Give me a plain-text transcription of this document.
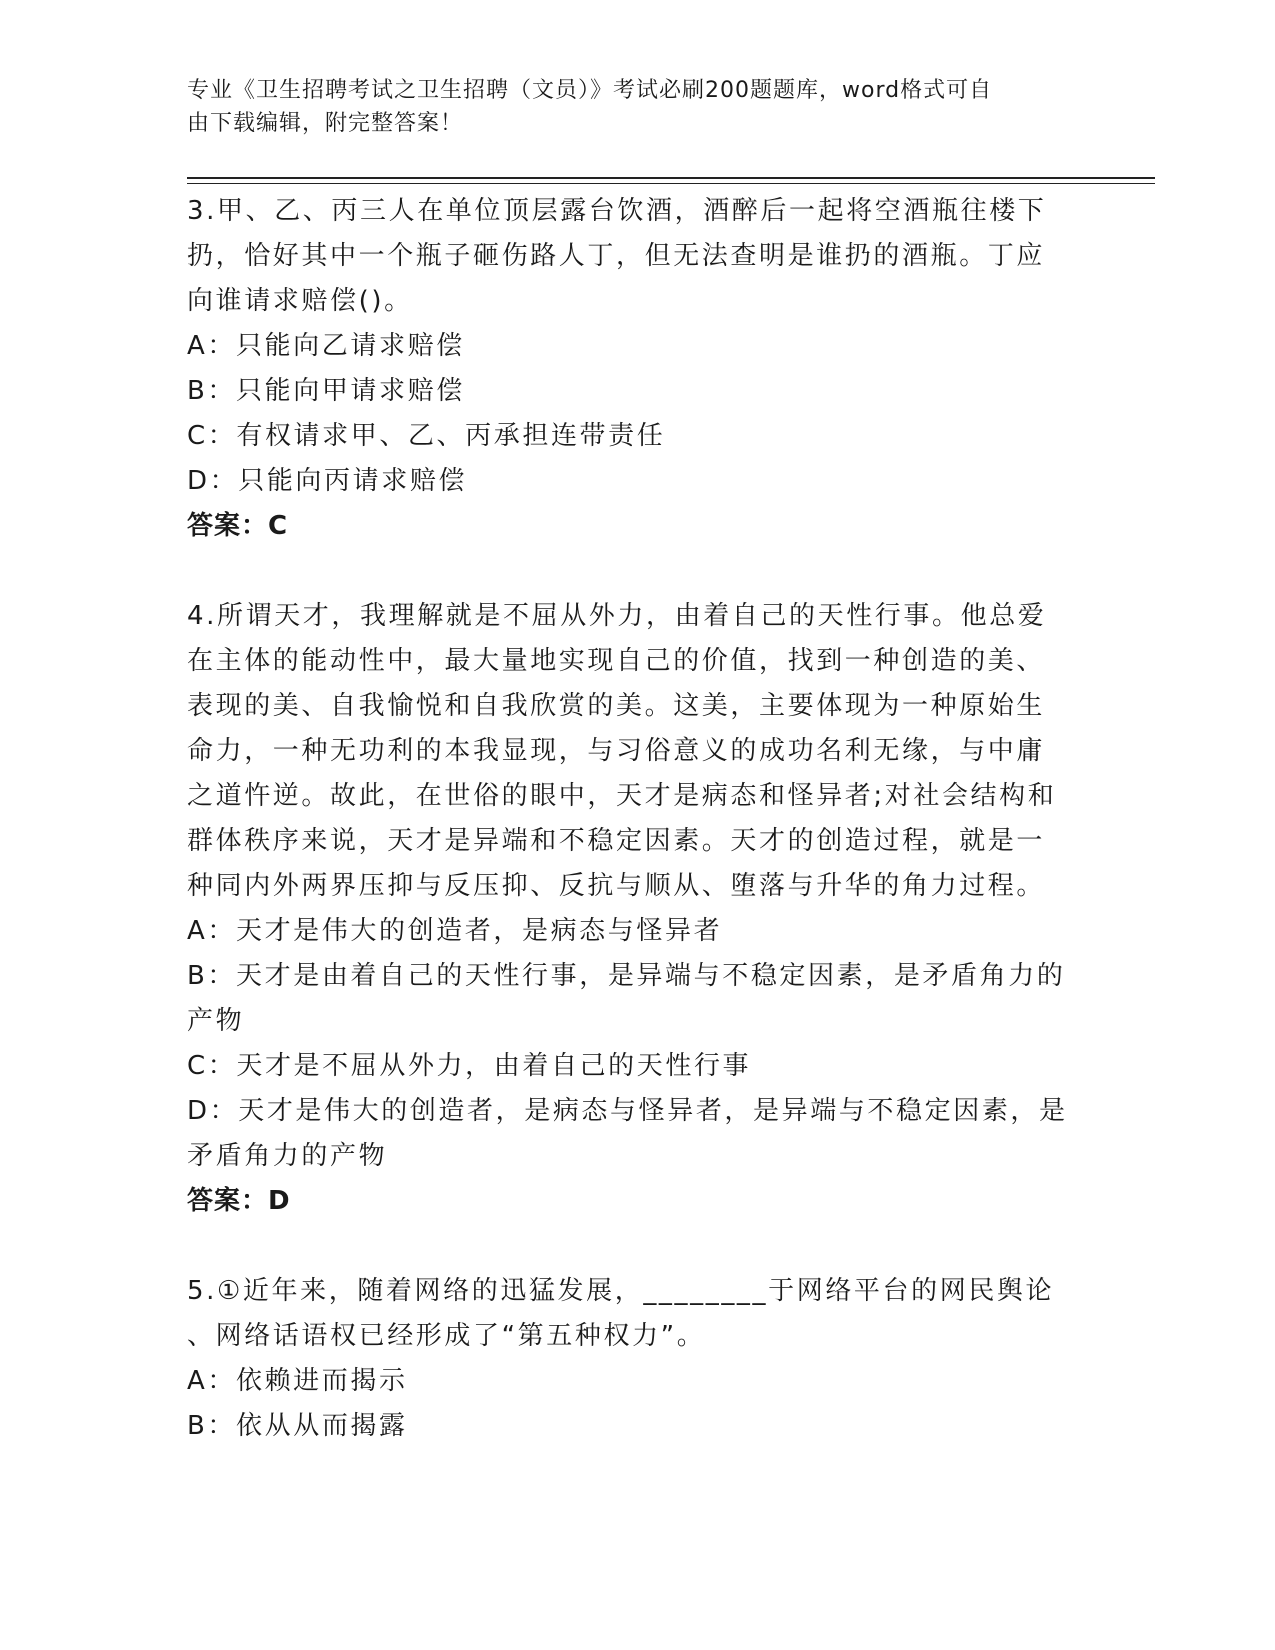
专业《卫生招聘考试之卫生招聘（文员）》考试必刷200题题库，word格式可自
由下载编辑，附完整答案！

3.甲、乙、丙三人在单位顶层露台饮酒，酒醉后一起将空酒瓶往楼下

扔，恰好其中一个瓶子砸伤路人丁，但无法查明是谁扔的酒瓶。丁应

向谁请求赔偿()。

A：只能向乙请求赔偿

B：只能向甲请求赔偿

C：有权请求甲、乙、丙承担连带责任

D：只能向丙请求赔偿

答案：C

4.所谓天才，我理解就是不屈从外力，由着自己的天性行事。他总爱

在主体的能动性中，最大量地实现自己的价值，找到一种创造的美、

表现的美、自我愉悦和自我欣赏的美。这美，主要体现为一种原始生

命力，一种无功利的本我显现，与习俗意义的成功名利无缘，与中庸

之道忤逆。故此，在世俗的眼中，天才是病态和怪异者;对社会结构和

群体秩序来说，天才是异端和不稳定因素。天才的创造过程，就是一

种同内外两界压抑与反压抑、反抗与顺从、堕落与升华的角力过程。

A：天才是伟大的创造者，是病态与怪异者

B：天才是由着自己的天性行事，是异端与不稳定因素，是矛盾角力的

产物

C：天才是不屈从外力，由着自己的天性行事

D：天才是伟大的创造者，是病态与怪异者，是异端与不稳定因素，是

矛盾角力的产物

答案：D

5.①近年来，随着网络的迅猛发展，________于网络平台的网民舆论

、网络话语权已经形成了“第五种权力”。

A：依赖进而揭示

B：依从从而揭露
